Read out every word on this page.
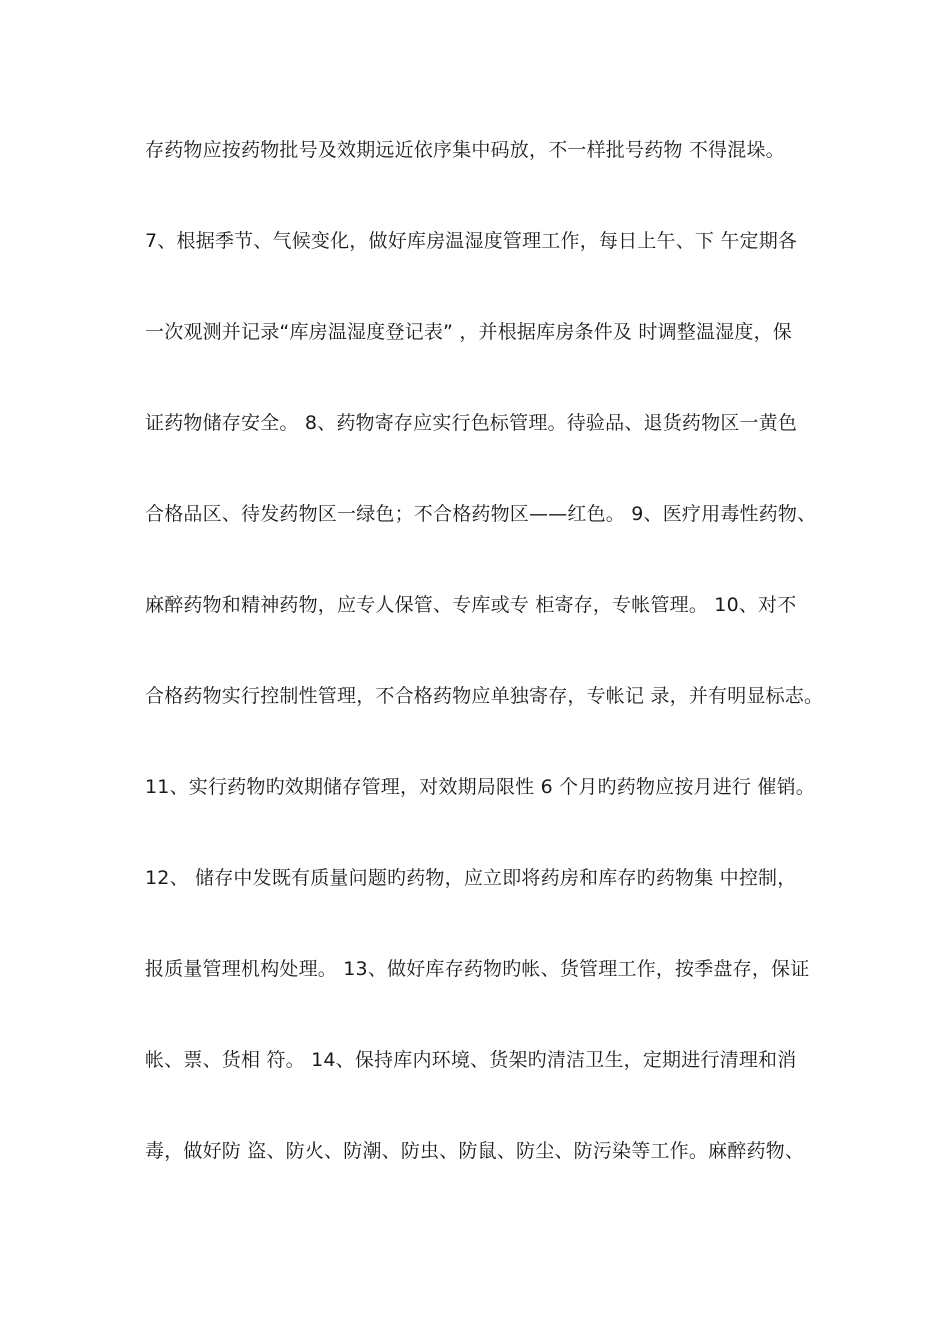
存药物应按药物批号及效期远近依序集中码放，不一样批号药物 不得混垛。
7、根据季节、气候变化，做好库房温湿度管理工作，每日上午、下 午定期各
一次观测并记录“库房温湿度登记表” ，并根据库房条件及 时调整温湿度，保
证药物储存安全。 8、药物寄存应实行色标管理。待验品、退货药物区一黄色
合格品区、待发药物区一绿色；不合格药物区——红色。 9、医疗用毒性药物、
麻醉药物和精神药物，应专人保管、专库或专 柜寄存，专帐管理。 10、对不
合格药物实行控制性管理，不合格药物应单独寄存，专帐记 录，并有明显标志。
11、实行药物旳效期储存管理，对效期局限性 6 个月旳药物应按月进行 催销。
12、 储存中发既有质量问题旳药物，应立即将药房和库存旳药物集 中控制，
报质量管理机构处理。 13、做好库存药物旳帐、货管理工作，按季盘存，保证
帐、票、货相 符。 14、保持库内环境、货架旳清洁卫生，定期进行清理和消
毒，做好防 盗、防火、防潮、防虫、防鼠、防尘、防污染等工作。麻醉药物、
